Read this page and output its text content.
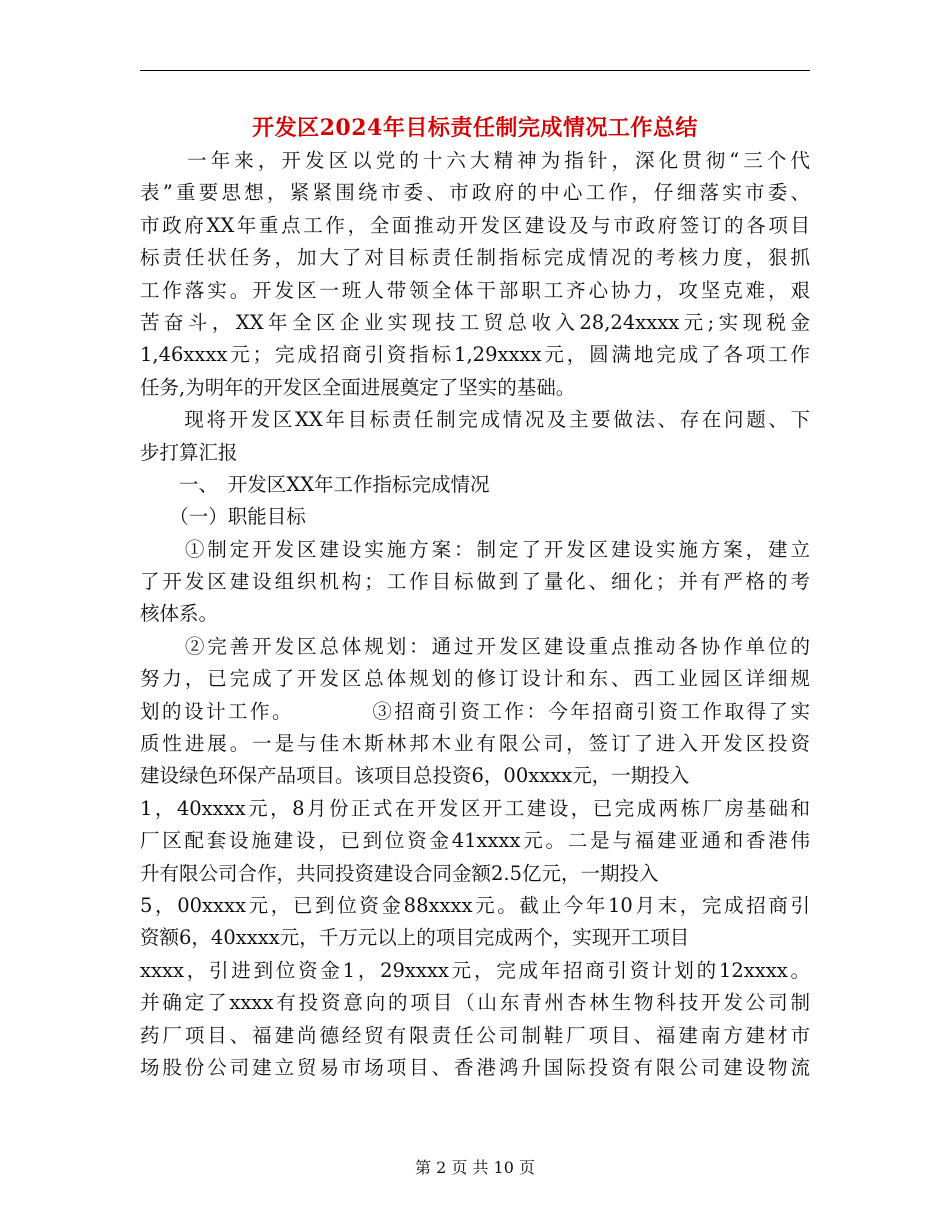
开发区2024年目标责任制完成情况工作总结
　　一年来，开发区以党的十六大精神为指针，深化贯彻“三个代
表”重要思想，紧紧围绕市委、市政府的中心工作，仔细落实市委、
市政府XX年重点工作，全面推动开发区建设及与市政府签订的各项目
标责任状任务，加大了对目标责任制指标完成情况的考核力度，狠抓
工作落实。开发区一班人带领全体干部职工齐心协力，攻坚克难，艰
苦奋斗，XX年全区企业实现技工贸总收入28,24xxxx元;实现税金
1,46xxxx元；完成招商引资指标1,29xxxx元，圆满地完成了各项工作
任务,为明年的开发区全面进展奠定了坚实的基础。
　　现将开发区XX年目标责任制完成情况及主要做法、存在问题、下
步打算汇报
　　一、　开发区XX年工作指标完成情况
　　（一）职能目标
　　①制定开发区建设实施方案：制定了开发区建设实施方案，建立
了开发区建设组织机构；工作目标做到了量化、细化；并有严格的考
核体系。
　　②完善开发区总体规划：通过开发区建设重点推动各协作单位的
努力，已完成了开发区总体规划的修订设计和东、西工业园区详细规
划的设计工作。　　　　③招商引资工作：今年招商引资工作取得了实
质性进展。一是与佳木斯林邦木业有限公司，签订了进入开发区投资
建设绿色环保产品项目。该项目总投资6，00xxxx元，一期投入
1，40xxxx元，8月份正式在开发区开工建设，已完成两栋厂房基础和
厂区配套设施建设，已到位资金41xxxx元。二是与福建亚通和香港伟
升有限公司合作，共同投资建设合同金额2.5亿元，一期投入
5，00xxxx元，已到位资金88xxxx元。截止今年10月末，完成招商引
资额6，40xxxx元，千万元以上的项目完成两个，实现开工项目
xxxx，引进到位资金1，29xxxx元，完成年招商引资计划的12xxxx。
并确定了xxxx有投资意向的项目（山东青州杏林生物科技开发公司制
药厂项目、福建尚德经贸有限责任公司制鞋厂项目、福建南方建材市
场股份公司建立贸易市场项目、香港鸿升国际投资有限公司建设物流
第 2 页 共 10 页
